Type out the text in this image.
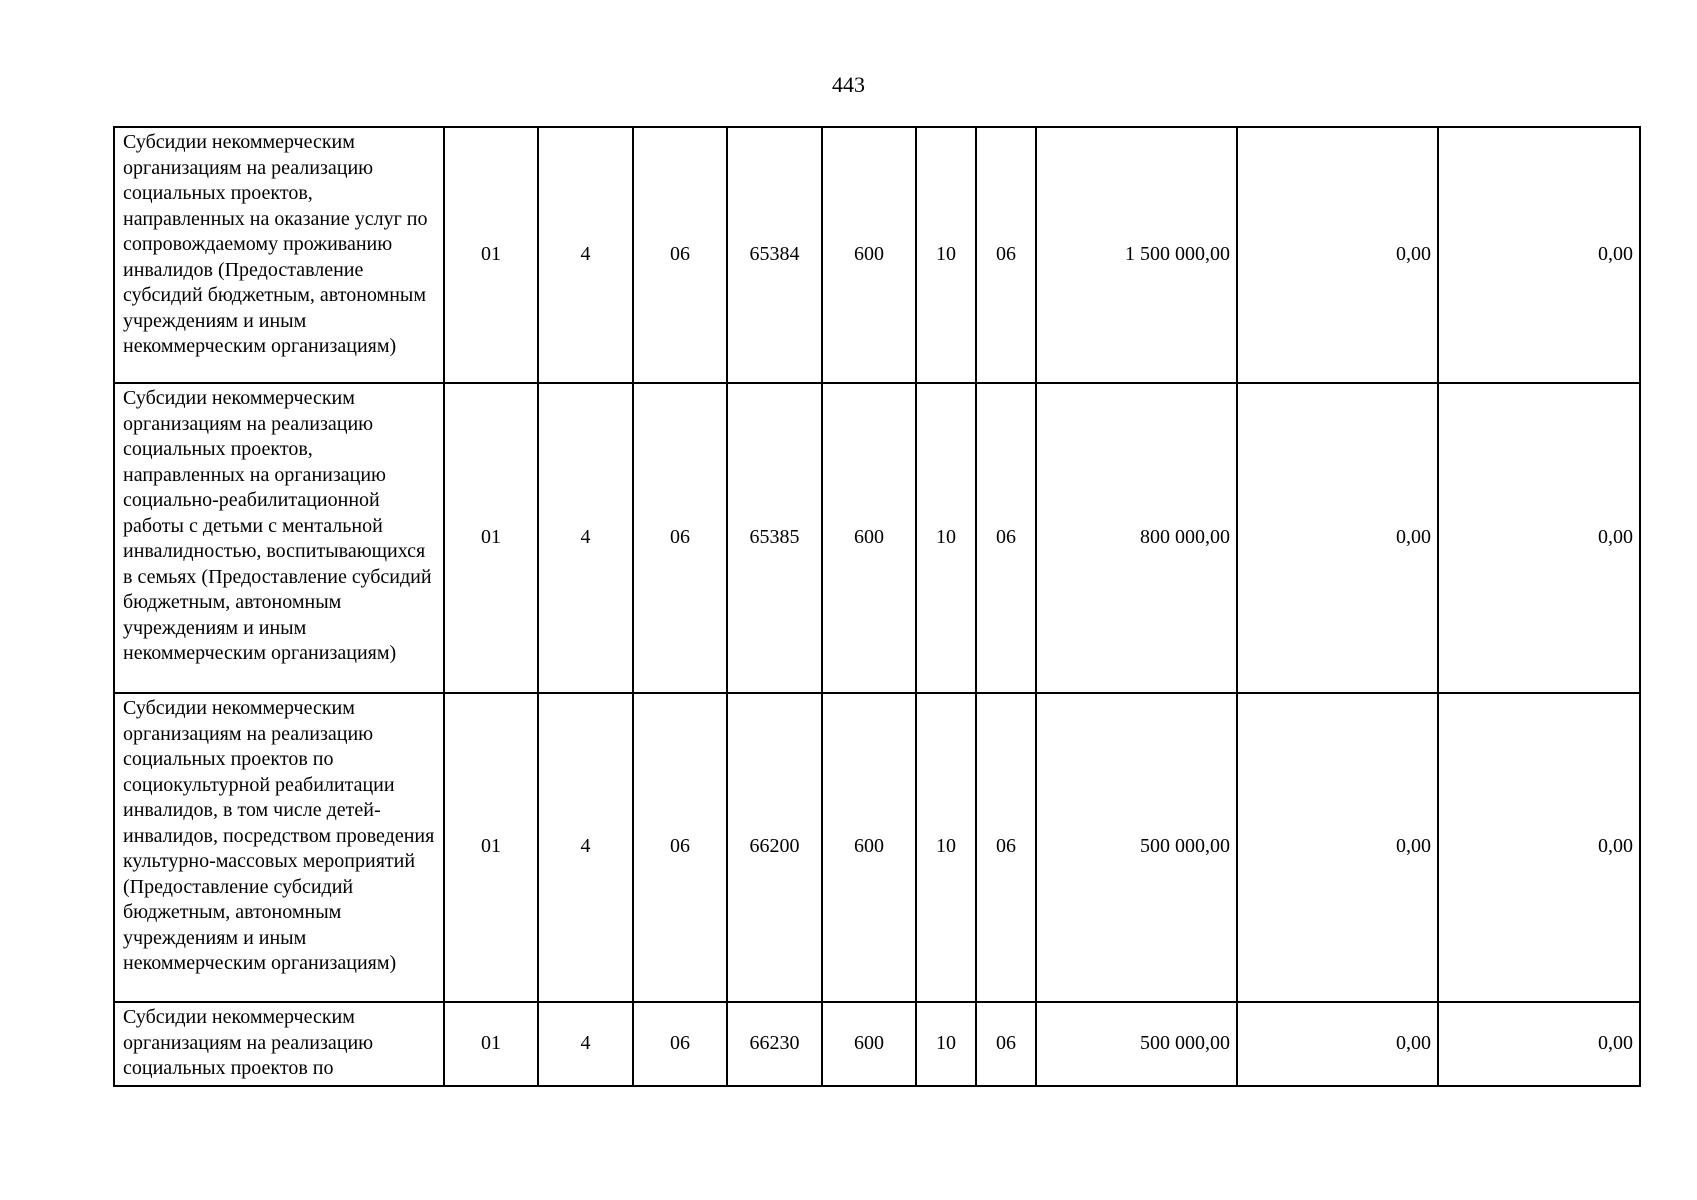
443
Субсидии некоммерческим организациям на реализацию социальных проектов, направленных на оказание услуг по сопровождаемому проживанию инвалидов (Предоставление субсидий бюджетным, автономным учреждениям и иным некоммерческим организациям)	01	4	06	65384	600	10	06	1 500 000,00	0,00	0,00
Субсидии некоммерческим организациям на реализацию социальных проектов, направленных на организацию социально-реабилитационной работы с детьми с ментальной инвалидностью, воспитывающихся в семьях (Предоставление субсидий бюджетным, автономным учреждениям и иным некоммерческим организациям)	01	4	06	65385	600	10	06	800 000,00	0,00	0,00
Субсидии некоммерческим организациям на реализацию социальных проектов по социокультурной реабилитации инвалидов, в том числе детей-инвалидов, посредством проведения культурно-массовых мероприятий (Предоставление субсидий бюджетным, автономным учреждениям и иным некоммерческим организациям)	01	4	06	66200	600	10	06	500 000,00	0,00	0,00
Субсидии некоммерческим организациям на реализацию социальных проектов по	01	4	06	66230	600	10	06	500 000,00	0,00	0,00
